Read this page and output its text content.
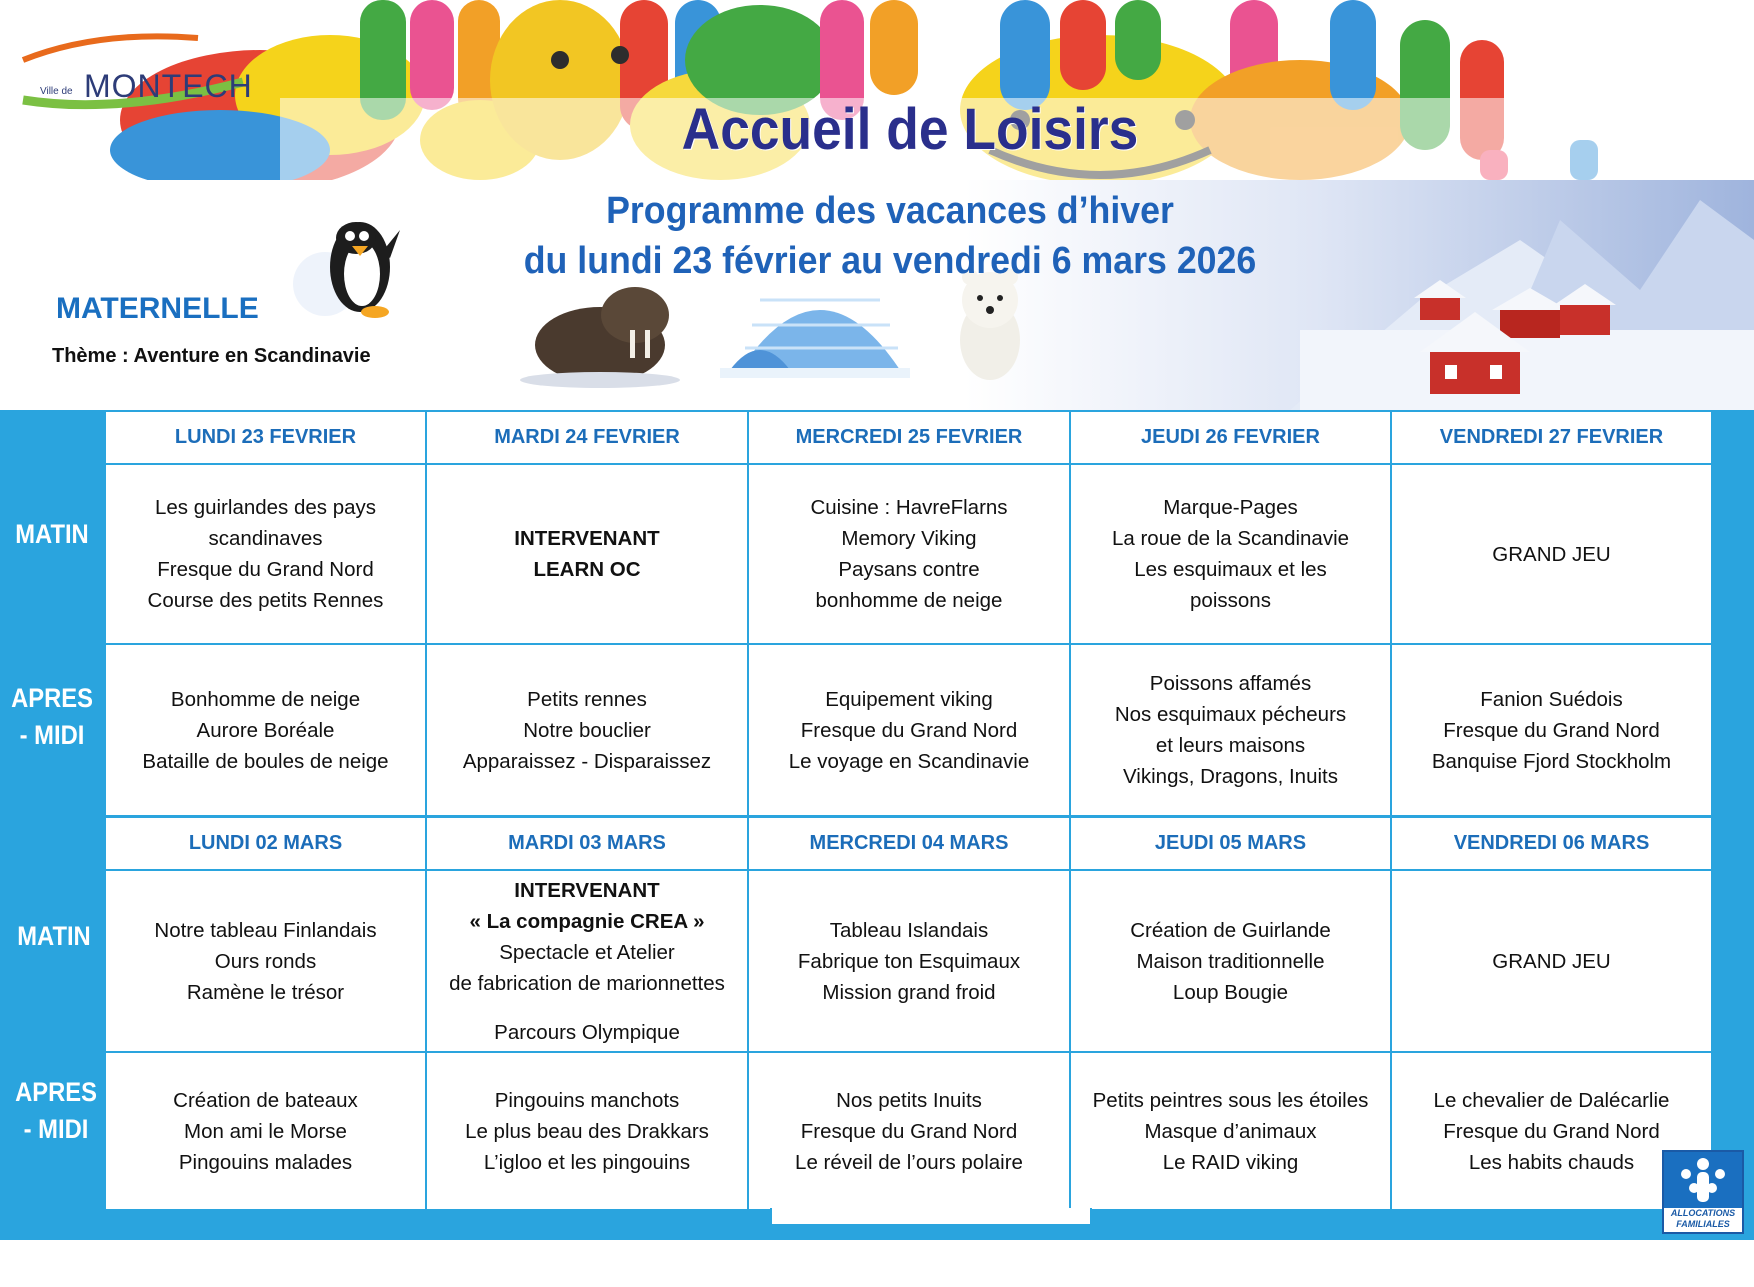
Ville de MONTECH
Accueil de Loisirs
Programme des vacances d’hiver
du lundi 23 février au vendredi 6 mars 2026
MATERNELLE
Thème : Aventure en Scandinavie
MATIN
APRES
- MIDI
MATIN
APRES
- MIDI
LUNDI 23 FEVRIER
Les guirlandes des pays
scandinaves
Fresque du Grand Nord
Course des petits Rennes
Bonhomme de neige
Aurore Boréale
Bataille de boules de neige
MARDI 24 FEVRIER
INTERVENANT
LEARN OC
Petits rennes
Notre bouclier
Apparaissez - Disparaissez
MERCREDI 25 FEVRIER
Cuisine : HavreFlarns
Memory Viking
Paysans contre
bonhomme de neige
Equipement viking
Fresque du Grand Nord
Le voyage en Scandinavie
JEUDI 26 FEVRIER
Marque-Pages
La roue de la Scandinavie
Les esquimaux et les
poissons
Poissons affamés
Nos esquimaux pécheurs
et leurs maisons
Vikings, Dragons, Inuits
VENDREDI 27 FEVRIER
GRAND JEU
Fanion Suédois
Fresque du Grand Nord
Banquise Fjord Stockholm
LUNDI 02 MARS
Notre tableau Finlandais
Ours ronds
Ramène le trésor
Création de bateaux
Mon ami le Morse
Pingouins malades
MARDI 03 MARS
INTERVENANT
« La compagnie CREA »
Spectacle et Atelier
de fabrication de marionnettes
Parcours Olympique
Pingouins manchots
Le plus beau des Drakkars
L’igloo et les pingouins
MERCREDI 04 MARS
Tableau Islandais
Fabrique ton Esquimaux
Mission grand froid
Nos petits Inuits
Fresque du Grand Nord
Le réveil de l’ours polaire
JEUDI 05 MARS
Création de Guirlande
Maison traditionnelle
Loup Bougie
Petits peintres sous les étoiles
Masque d’animaux
Le RAID viking
VENDREDI 06 MARS
GRAND JEU
Le chevalier de Dalécarlie
Fresque du Grand Nord
Les habits chauds
ALLOCATIONS
FAMILIALES
